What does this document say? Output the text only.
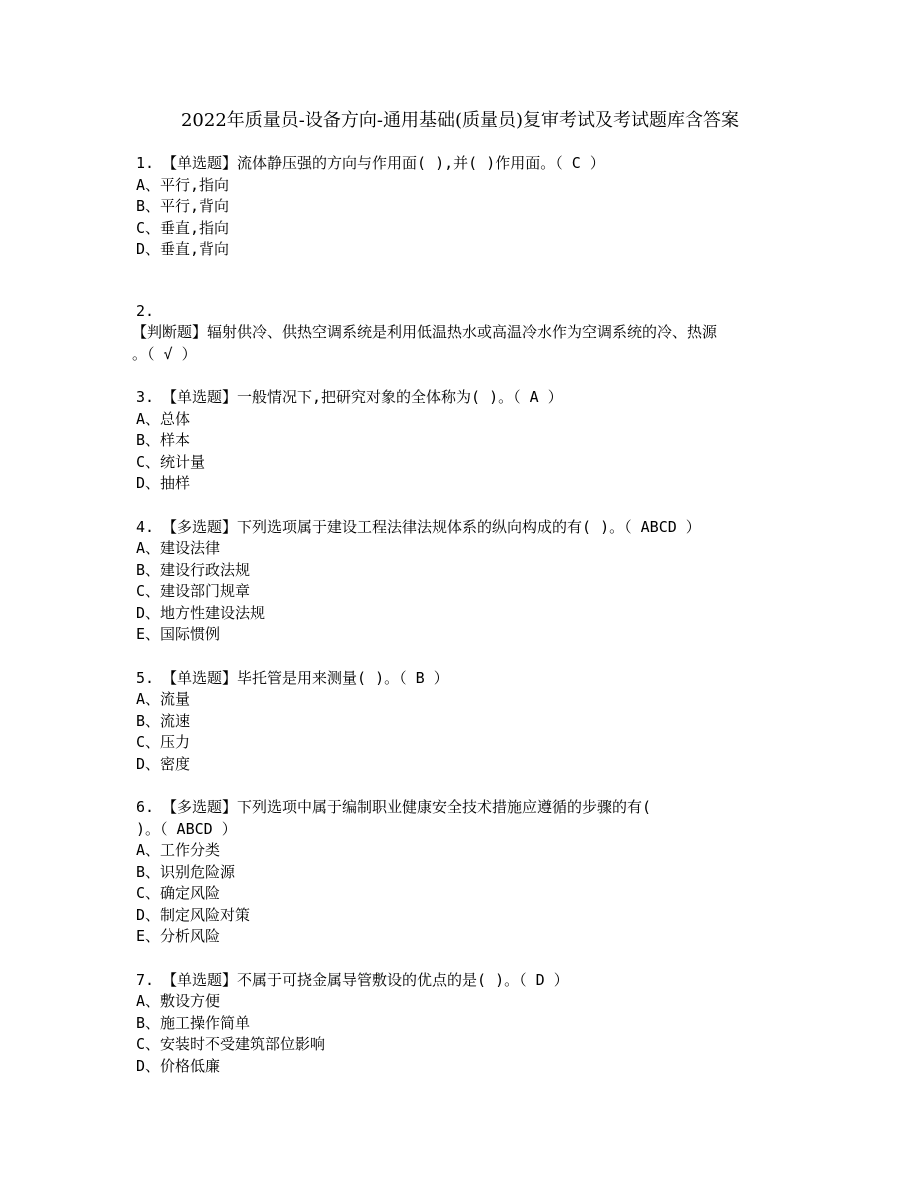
2022年质量员-设备方向-通用基础(质量员)复审考试及考试题库含答案
1. 【单选题】流体静压强的方向与作用面( ),并( )作用面。（ C ）
A、平行,指向
B、平行,背向
C、垂直,指向
D、垂直,背向
2.
【判断题】辐射供冷、供热空调系统是利用低温热水或高温冷水作为空调系统的冷、热源
。（ √ ）
3. 【单选题】一般情况下,把研究对象的全体称为( )。（ A ）
A、总体
B、样本
C、统计量
D、抽样
4. 【多选题】下列选项属于建设工程法律法规体系的纵向构成的有( )。（ ABCD ）
A、建设法律
B、建设行政法规
C、建设部门规章
D、地方性建设法规
E、国际惯例
5. 【单选题】毕托管是用来测量( )。（ B ）
A、流量
B、流速
C、压力
D、密度
6. 【多选题】下列选项中属于编制职业健康安全技术措施应遵循的步骤的有(
)。（ ABCD ）
A、工作分类
B、识别危险源
C、确定风险
D、制定风险对策
E、分析风险
7. 【单选题】不属于可挠金属导管敷设的优点的是( )。（ D ）
A、敷设方便
B、施工操作简单
C、安装时不受建筑部位影响
D、价格低廉
